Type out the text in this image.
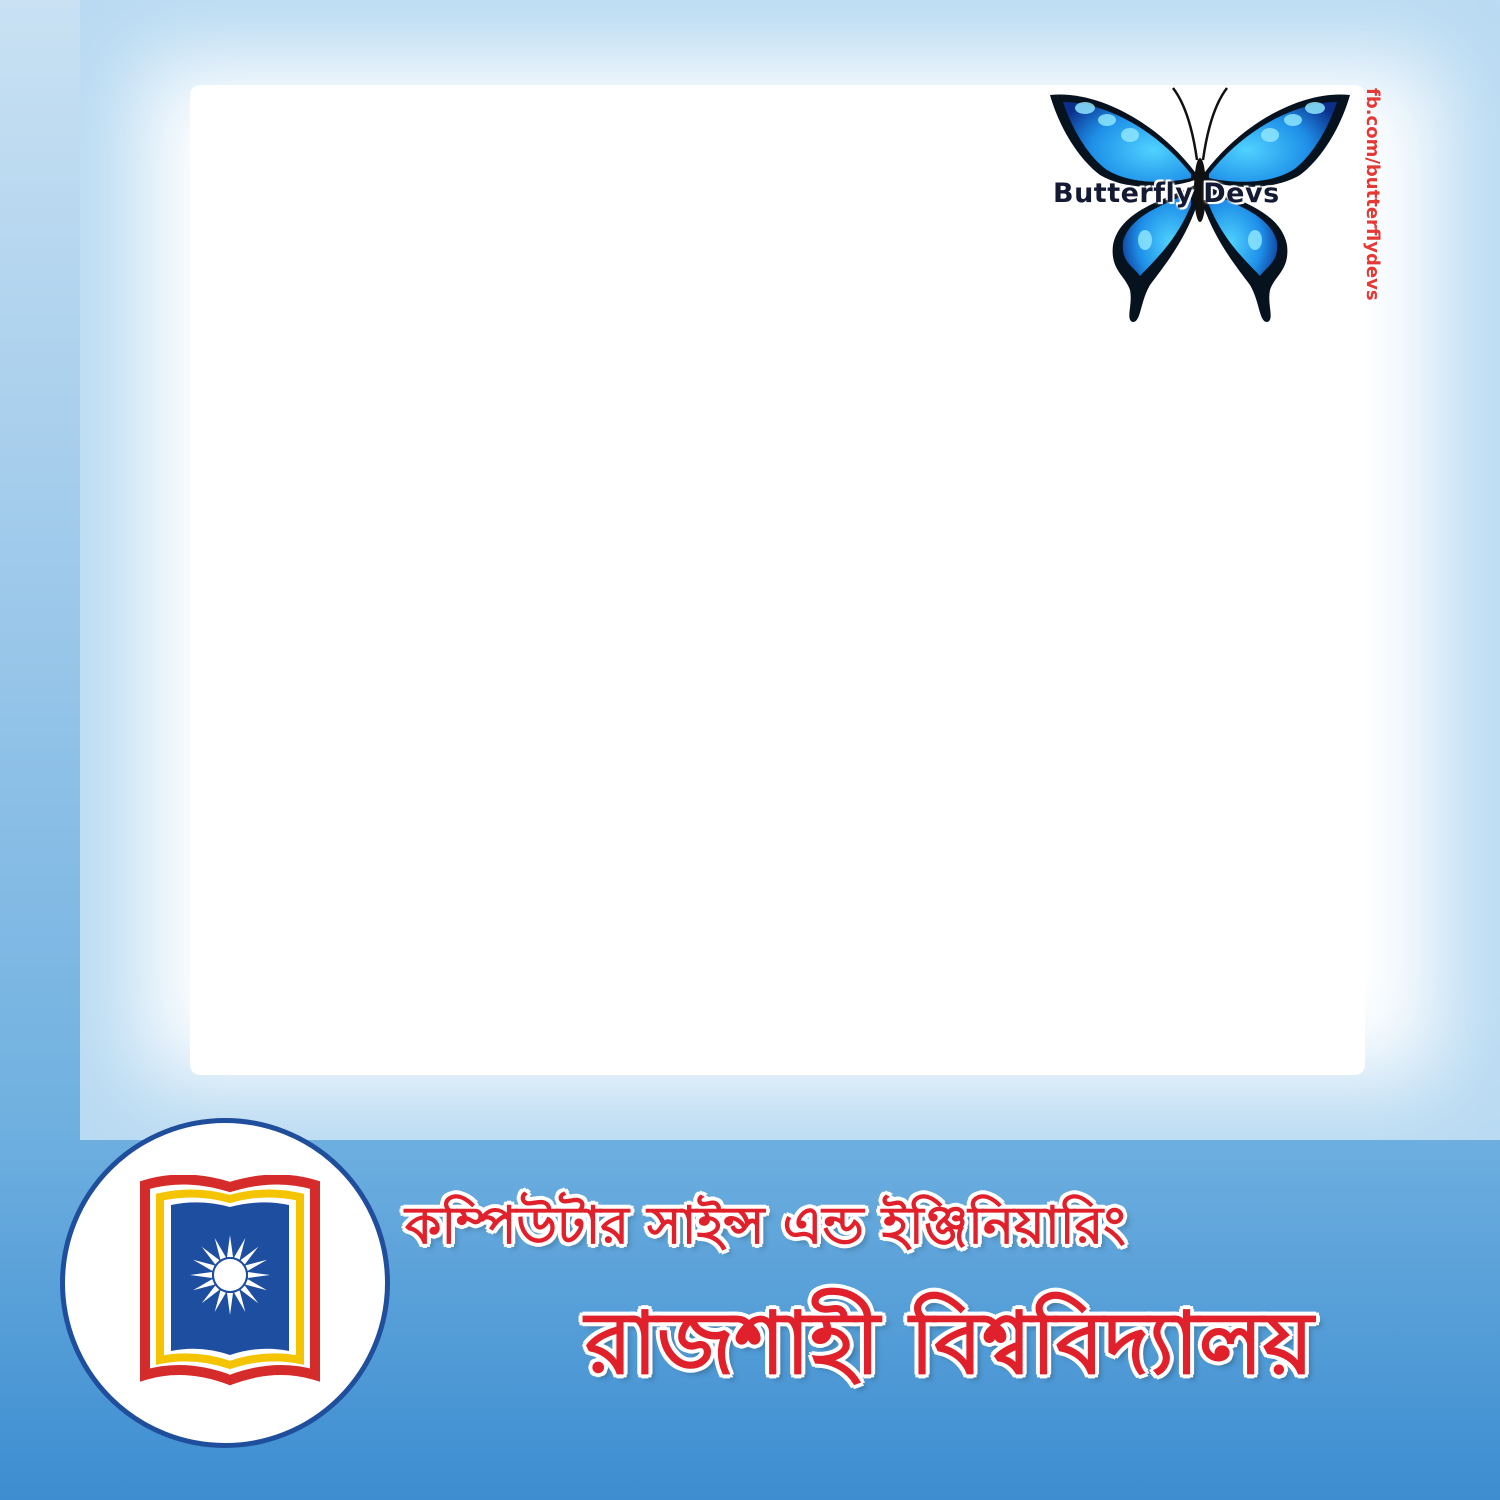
Butterfly Devs	fb.com/butterflydevs
কম্পিউটার সাইন্স এন্ড ইঞ্জিনিয়ারিং
রাজশাহী বিশ্ববিদ্যালয়
